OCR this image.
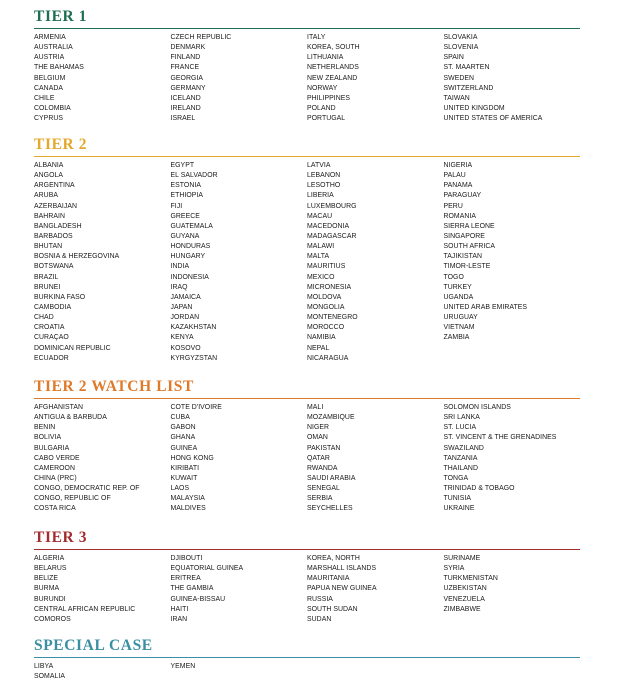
TIER 1
ARMENIA
AUSTRALIA
AUSTRIA
THE BAHAMAS
BELGIUM
CANADA
CHILE
COLOMBIA
CYPRUS
CZECH REPUBLIC
DENMARK
FINLAND
FRANCE
GEORGIA
GERMANY
ICELAND
IRELAND
ISRAEL
ITALY
KOREA, SOUTH
LITHUANIA
NETHERLANDS
NEW ZEALAND
NORWAY
PHILIPPINES
POLAND
PORTUGAL
SLOVAKIA
SLOVENIA
SPAIN
ST. MAARTEN
SWEDEN
SWITZERLAND
TAIWAN
UNITED KINGDOM
UNITED STATES OF AMERICA
TIER 2
ALBANIA
ANGOLA
ARGENTINA
ARUBA
AZERBAIJAN
BAHRAIN
BANGLADESH
BARBADOS
BHUTAN
BOSNIA & HERZEGOVINA
BOTSWANA
BRAZIL
BRUNEI
BURKINA FASO
CAMBODIA
CHAD
CROATIA
CURAÇAO
DOMINICAN REPUBLIC
ECUADOR
EGYPT
EL SALVADOR
ESTONIA
ETHIOPIA
FIJI
GREECE
GUATEMALA
GUYANA
HONDURAS
HUNGARY
INDIA
INDONESIA
IRAQ
JAMAICA
JAPAN
JORDAN
KAZAKHSTAN
KENYA
KOSOVO
KYRGYZSTAN
LATVIA
LEBANON
LESOTHO
LIBERIA
LUXEMBOURG
MACAU
MACEDONIA
MADAGASCAR
MALAWI
MALTA
MAURITIUS
MEXICO
MICRONESIA
MOLDOVA
MONGOLIA
MONTENEGRO
MOROCCO
NAMIBIA
NEPAL
NICARAGUA
NIGERIA
PALAU
PANAMA
PARAGUAY
PERU
ROMANIA
SIERRA LEONE
SINGAPORE
SOUTH AFRICA
TAJIKISTAN
TIMOR-LESTE
TOGO
TURKEY
UGANDA
UNITED ARAB EMIRATES
URUGUAY
VIETNAM
ZAMBIA
TIER 2 WATCH LIST
AFGHANISTAN
ANTIGUA & BARBUDA
BENIN
BOLIVIA
BULGARIA
CABO VERDE
CAMEROON
CHINA (PRC)
CONGO, DEMOCRATIC REP. OF
CONGO, REPUBLIC OF
COSTA RICA
COTE D'IVOIRE
CUBA
GABON
GHANA
GUINEA
HONG KONG
KIRIBATI
KUWAIT
LAOS
MALAYSIA
MALDIVES
MALI
MOZAMBIQUE
NIGER
OMAN
PAKISTAN
QATAR
RWANDA
SAUDI ARABIA
SENEGAL
SERBIA
SEYCHELLES
SOLOMON ISLANDS
SRI LANKA
ST. LUCIA
ST. VINCENT & THE GRENADINES
SWAZILAND
TANZANIA
THAILAND
TONGA
TRINIDAD & TOBAGO
TUNISIA
UKRAINE
TIER 3
ALGERIA
BELARUS
BELIZE
BURMA
BURUNDI
CENTRAL AFRICAN REPUBLIC
COMOROS
DJIBOUTI
EQUATORIAL GUINEA
ERITREA
THE GAMBIA
GUINEA-BISSAU
HAITI
IRAN
KOREA, NORTH
MARSHALL ISLANDS
MAURITANIA
PAPUA NEW GUINEA
RUSSIA
SOUTH SUDAN
SUDAN
SURINAME
SYRIA
TURKMENISTAN
UZBEKISTAN
VENEZUELA
ZIMBABWE
SPECIAL CASE
LIBYA
SOMALIA
YEMEN
